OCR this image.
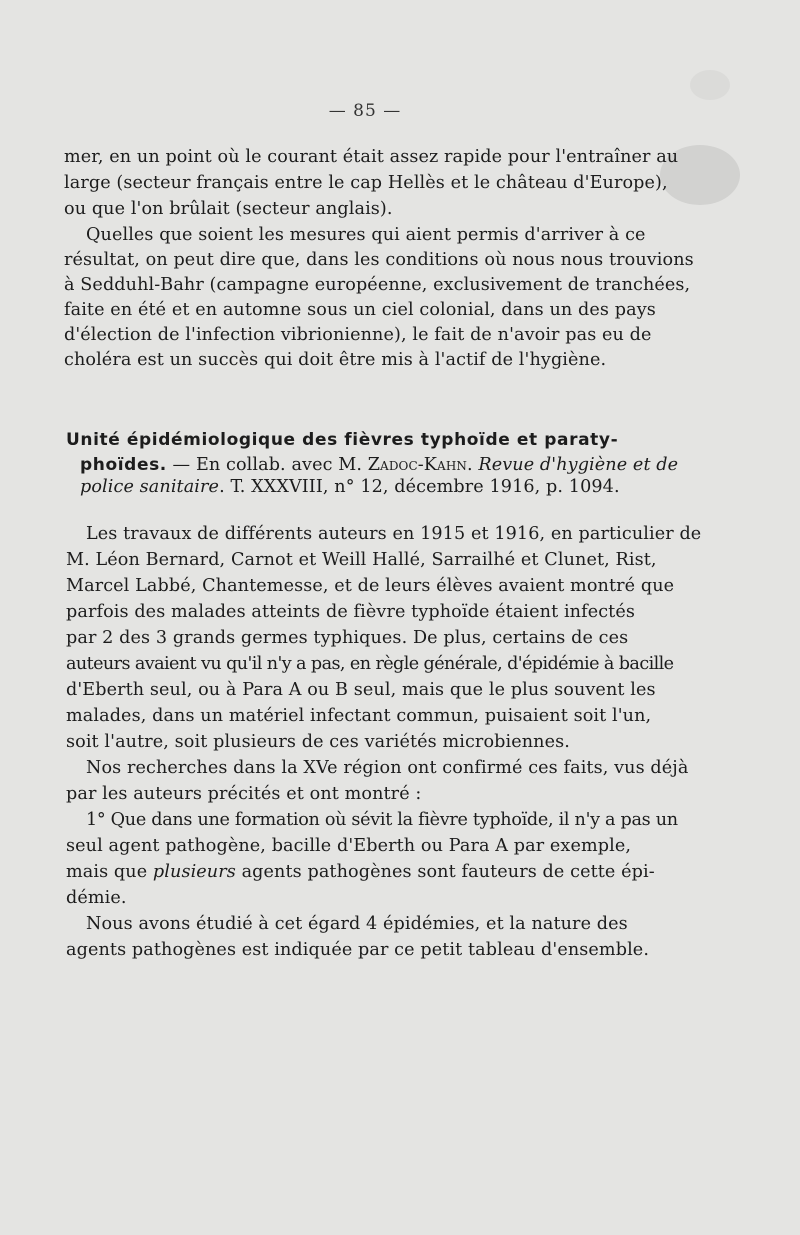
— 85 —
mer, en un point où le courant était assez rapide pour l'entraîner au
large (secteur français entre le cap Hellès et le château d'Europe),
ou que l'on brûlait (secteur anglais).
Quelles que soient les mesures qui aient permis d'arriver à ce
résultat, on peut dire que, dans les conditions où nous nous trouvions
à Sedduhl-Bahr (campagne européenne, exclusivement de tranchées,
faite en été et en automne sous un ciel colonial, dans un des pays
d'élection de l'infection vibrionienne), le fait de n'avoir pas eu de
choléra est un succès qui doit être mis à l'actif de l'hygiène.
Unité épidémiologique des fièvres typhoïde et paraty-
phoïdes. — En collab. avec M. Zadoc-Kahn. Revue d'hygiène et de
police sanitaire. T. XXXVIII, n° 12, décembre 1916, p. 1094.
Les travaux de différents auteurs en 1915 et 1916, en particulier de
M. Léon Bernard, Carnot et Weill Hallé, Sarrailhé et Clunet, Rist,
Marcel Labbé, Chantemesse, et de leurs élèves avaient montré que
parfois des malades atteints de fièvre typhoïde étaient infectés
par 2 des 3 grands germes typhiques. De plus, certains de ces
auteurs avaient vu qu'il n'y a pas, en règle générale, d'épidémie à bacille
d'Eberth seul, ou à Para A ou B seul, mais que le plus souvent les
malades, dans un matériel infectant commun, puisaient soit l'un,
soit l'autre, soit plusieurs de ces variétés microbiennes.
Nos recherches dans la XVe région ont confirmé ces faits, vus déjà
par les auteurs précités et ont montré :
1° Que dans une formation où sévit la fièvre typhoïde, il n'y a pas un
seul agent pathogène, bacille d'Eberth ou Para A par exemple,
mais que plusieurs agents pathogènes sont fauteurs de cette épi-
démie.
Nous avons étudié à cet égard 4 épidémies, et la nature des
agents pathogènes est indiquée par ce petit tableau d'ensemble.
